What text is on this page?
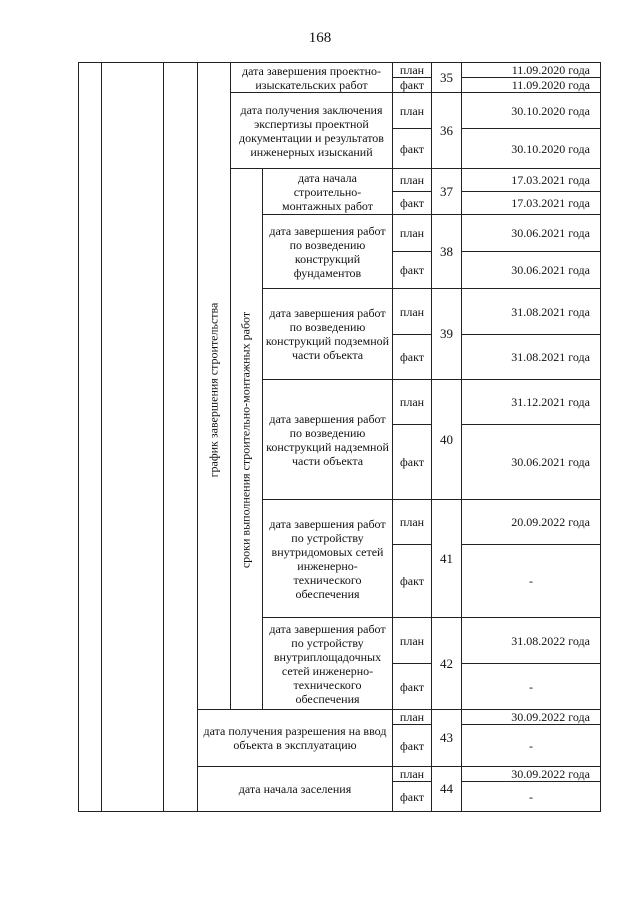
168
график завершения строительства сроки выполнения строительно-монтажных работ
дата завершения проектно-изыскательских работ
план
факт
35	11.09.2020 года
11.09.2020 года
дата получения заключения экспертизы проектной документации и результатов инженерных изысканий
план
факт
36
30.10.2020 года
30.10.2020 года
дата начала строительно-монтажных работ
план
факт
37
17.03.2021 года
17.03.2021 года
дата завершения работ по возведению конструкций фундаментов
план
факт
38
30.06.2021 года
30.06.2021 года
дата завершения работ по возведению конструкций подземной части объекта
план
факт
39
31.08.2021 года
31.08.2021 года
дата завершения работ по возведению конструкций надземной части объекта
план
факт
40
31.12.2021 года
30.06.2021 года
дата завершения работ по устройству внутридомовых сетей инженерно-технического обеспечения
план
факт
41
20.09.2022 года
-
дата завершения работ по устройству внутриплощадочных сетей инженерно-технического обеспечения
план
факт
42
31.08.2022 года
-
дата получения разрешения на ввод объекта в эксплуатацию
план
факт
43
30.09.2022 года
-
дата начала заселения
план
факт
44
30.09.2022 года
-
